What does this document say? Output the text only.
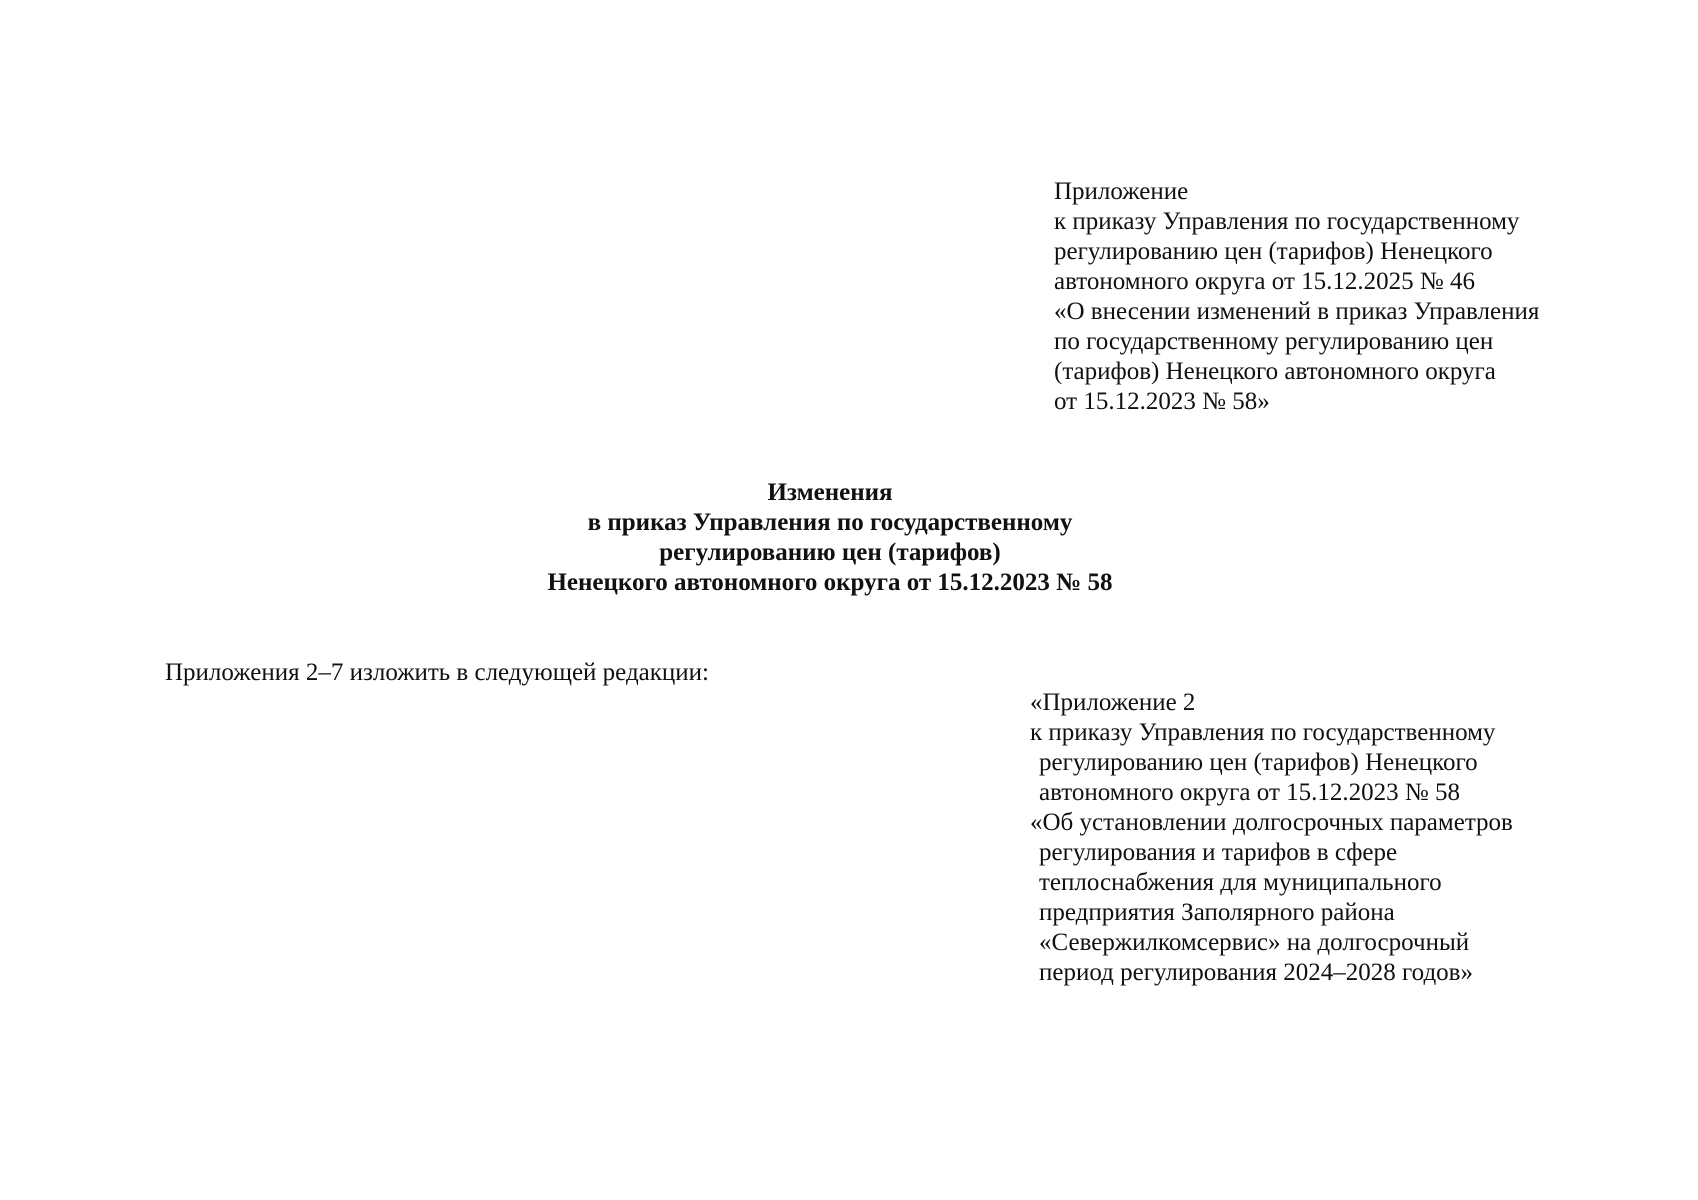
Приложение
к приказу Управления по государственному
регулированию цен (тарифов) Ненецкого
автономного округа от 15.12.2025 № 46
«О внесении изменений в приказ Управления
по государственному регулированию цен
(тарифов) Ненецкого автономного округа
от 15.12.2023 № 58»
Изменения
в приказ Управления по государственному
регулированию цен (тарифов)
Ненецкого автономного округа от 15.12.2023 № 58

Приложения 2–7 изложить в следующей редакции:

«Приложение 2
к приказу Управления по государственному
регулированию цен (тарифов) Ненецкого
автономного округа от 15.12.2023 № 58
«Об установлении долгосрочных параметров
регулирования и тарифов в сфере
теплоснабжения для муниципального
предприятия Заполярного района
«Севержилкомсервис» на долгосрочный
период регулирования 2024–2028 годов»
